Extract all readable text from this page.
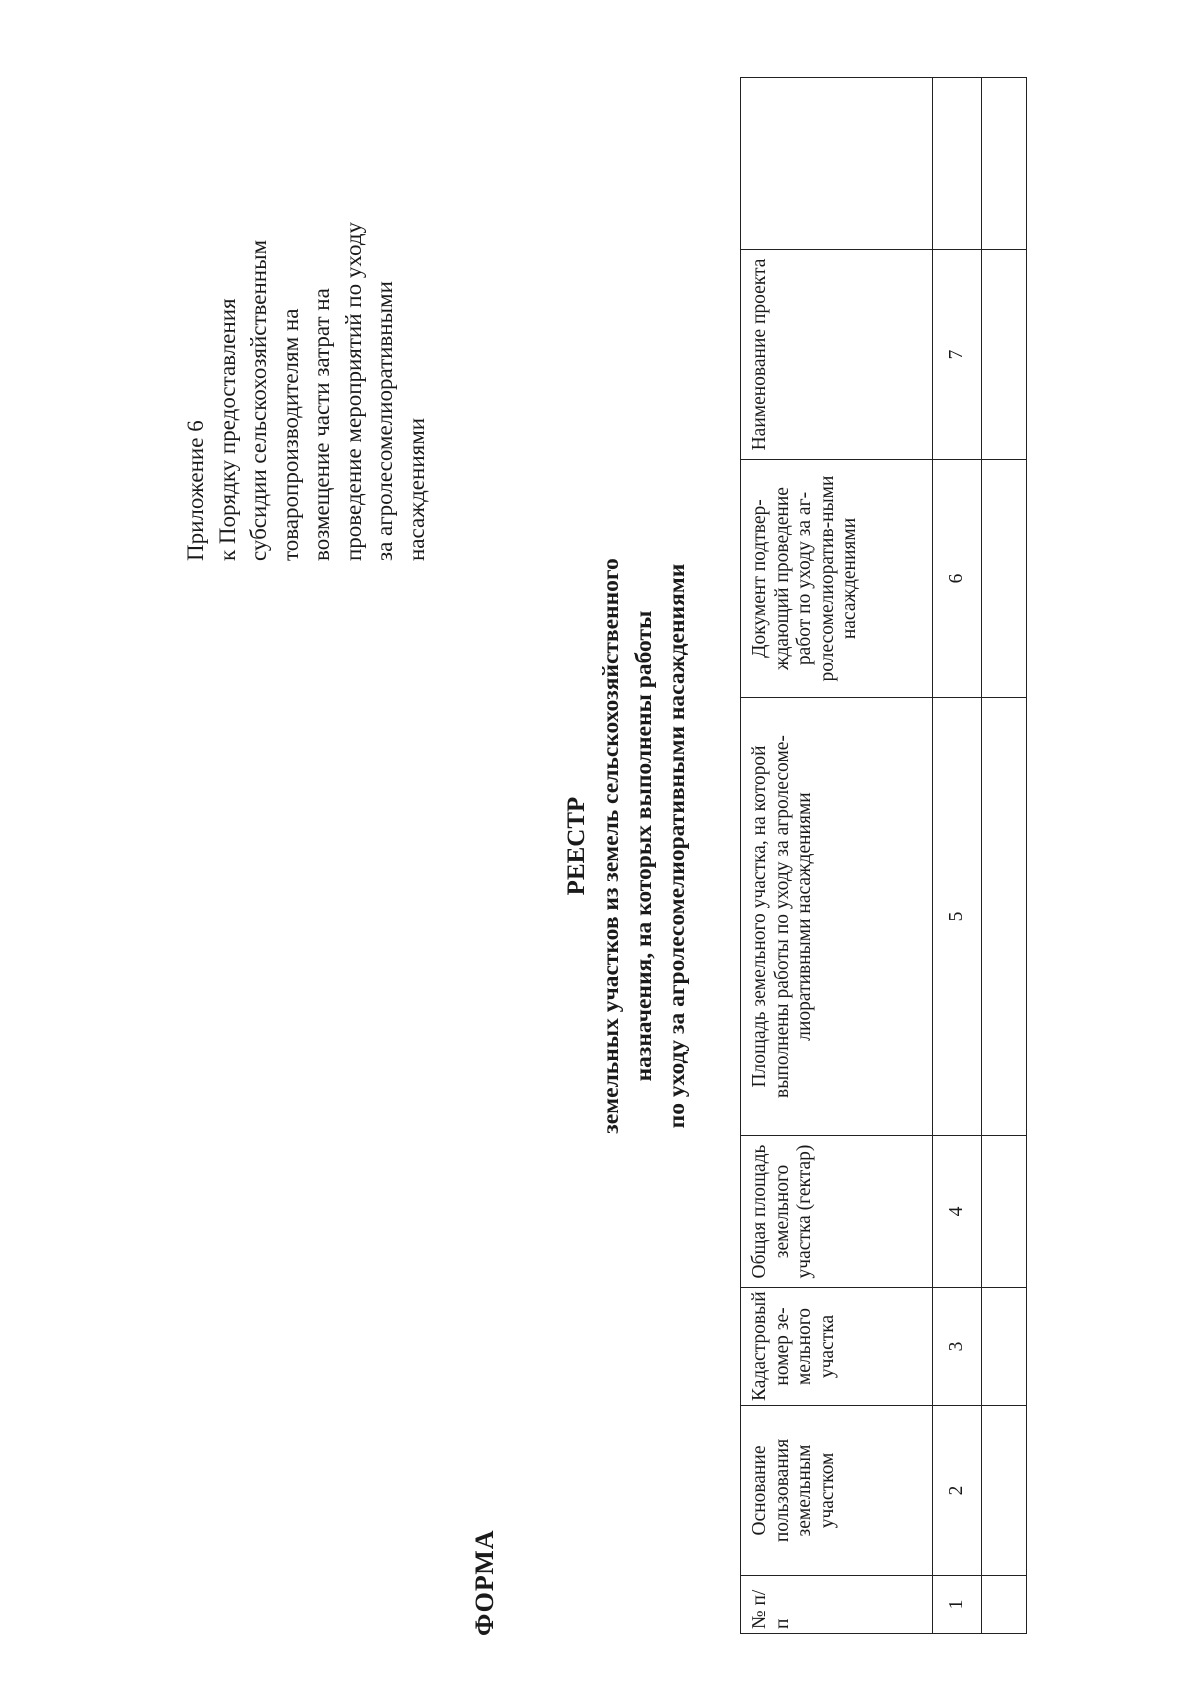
Приложение 6 к Порядку предоставления субсидии сельскохозяйственным товаропроизводителям на возмещение части затрат на проведение мероприятий по уходу за агролесомелиоративными насаждениями
ФОРМА
РЕЕСТР земельных участков из земель сельскохозяйственного назначения, на которых выполнены работы по уходу за агролесомелиоративными насаждениями
№ п/п	Основание пользования земельным участком	Кадастровый номер зе-мельного участка	Общая площадь земельного участка (гектар)	Площадь земельного участка, на которой выполнены работы по уходу за агролесоме-лиоративными насаждениями	Документ подтвер-ждающий проведение работ по уходу за аг-ролесомелиоратив-ными насаждениями	Наименование проекта	
1	2	3	4	5	6	7	
